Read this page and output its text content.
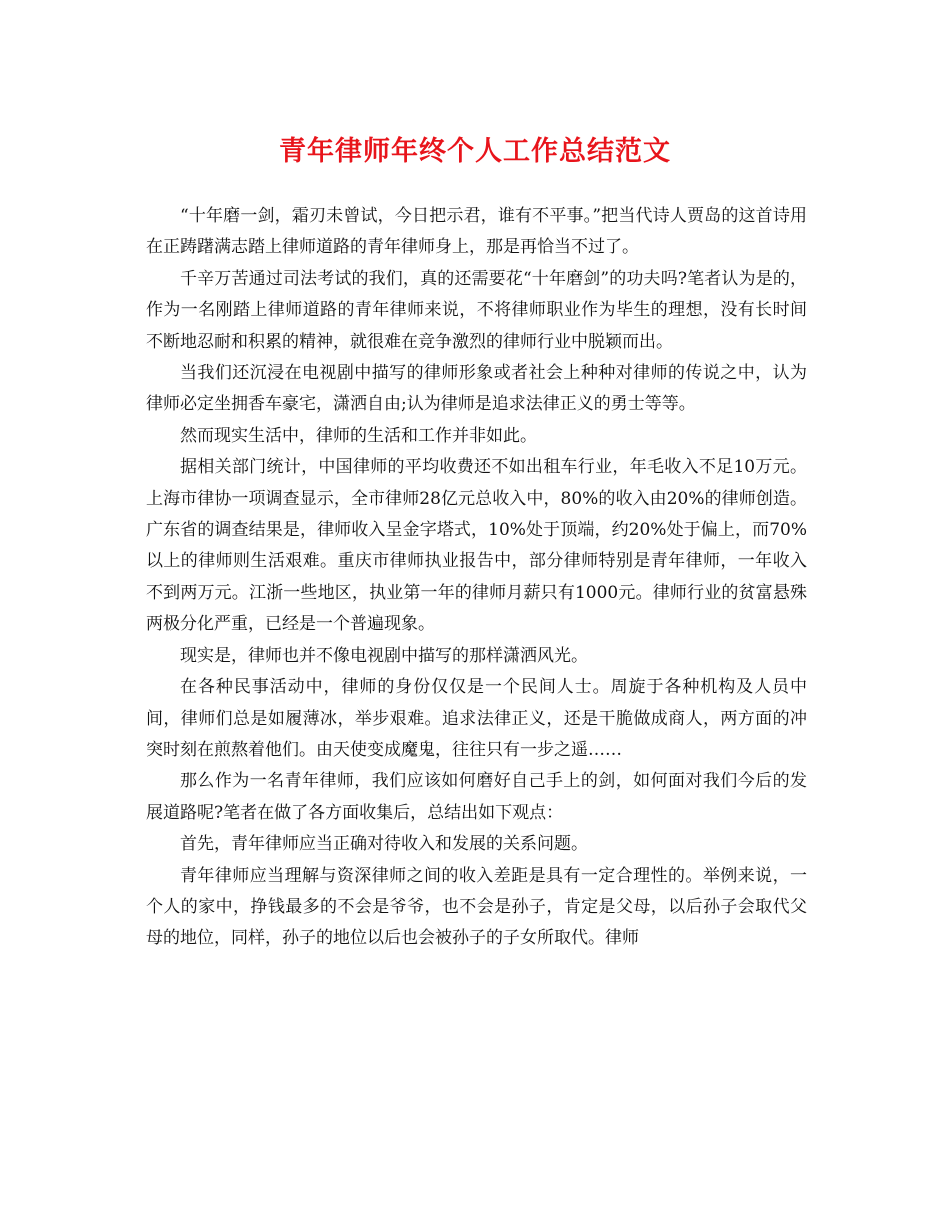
青年律师年终个人工作总结范文

“十年磨一剑，霜刃未曾试，今日把示君，谁有不平事。”把当代诗人贾岛的这首诗用在正踌躇满志踏上律师道路的青年律师身上，那是再恰当不过了。

千辛万苦通过司法考试的我们，真的还需要花“十年磨剑”的功夫吗?笔者认为是的，作为一名刚踏上律师道路的青年律师来说，不将律师职业作为毕生的理想，没有长时间不断地忍耐和积累的精神，就很难在竞争激烈的律师行业中脱颖而出。

当我们还沉浸在电视剧中描写的律师形象或者社会上种种对律师的传说之中，认为律师必定坐拥香车豪宅，潇洒自由;认为律师是追求法律正义的勇士等等。

然而现实生活中，律师的生活和工作并非如此。

据相关部门统计，中国律师的平均收费还不如出租车行业，年毛收入不足10万元。上海市律协一项调查显示，全市律师28亿元总收入中，80%的收入由20%的律师创造。广东省的调查结果是，律师收入呈金字塔式，10%处于顶端，约20%处于偏上，而70%以上的律师则生活艰难。重庆市律师执业报告中，部分律师特别是青年律师，一年收入不到两万元。江浙一些地区，执业第一年的律师月薪只有1000元。律师行业的贫富悬殊两极分化严重，已经是一个普遍现象。

现实是，律师也并不像电视剧中描写的那样潇洒风光。

在各种民事活动中，律师的身份仅仅是一个民间人士。周旋于各种机构及人员中间，律师们总是如履薄冰，举步艰难。追求法律正义，还是干脆做成商人，两方面的冲突时刻在煎熬着他们。由天使变成魔鬼，往往只有一步之遥……

那么作为一名青年律师，我们应该如何磨好自己手上的剑，如何面对我们今后的发展道路呢?笔者在做了各方面收集后，总结出如下观点：

首先，青年律师应当正确对待收入和发展的关系问题。

青年律师应当理解与资深律师之间的收入差距是具有一定合理性的。举例来说，一个人的家中，挣钱最多的不会是爷爷，也不会是孙子，肯定是父母，以后孙子会取代父母的地位，同样，孙子的地位以后也会被孙子的子女所取代。律师
